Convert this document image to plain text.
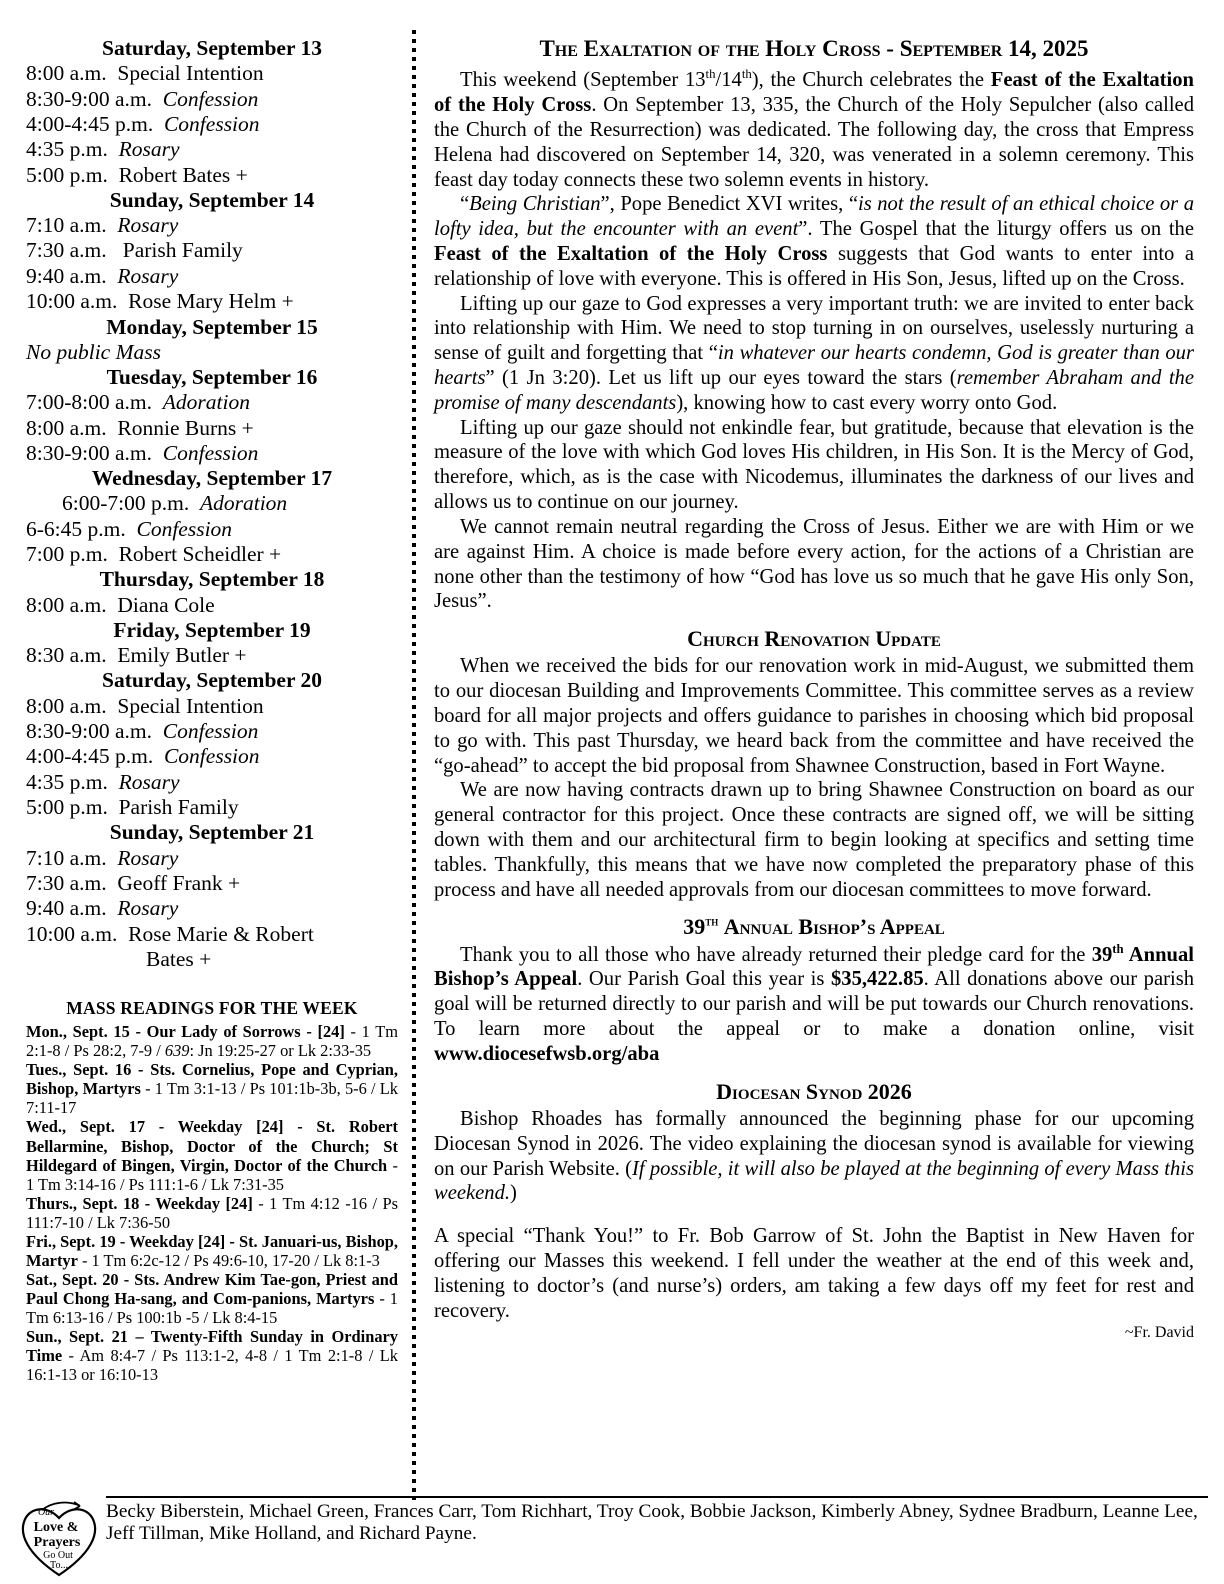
Saturday, September 13
8:00 a.m.  Special Intention
8:30-9:00 a.m.  Confession
4:00-4:45 p.m.  Confession
4:35 p.m.  Rosary
5:00 p.m.  Robert Bates +
Sunday, September 14
7:10 a.m.  Rosary
7:30 a.m.   Parish Family
9:40 a.m.  Rosary
10:00 a.m.  Rose Mary Helm +
Monday, September 15
No public Mass
Tuesday, September 16
7:00-8:00 a.m.  Adoration
8:00 a.m.  Ronnie Burns +
8:30-9:00 a.m.  Confession
Wednesday, September 17
6:00-7:00 p.m.  Adoration
6-6:45 p.m.  Confession
7:00 p.m.  Robert Scheidler +
Thursday, September 18
8:00 a.m.  Diana Cole
Friday, September 19
8:30 a.m.  Emily Butler +
Saturday, September 20
8:00 a.m.  Special Intention
8:30-9:00 a.m.  Confession
4:00-4:45 p.m.  Confession
4:35 p.m.  Rosary
5:00 p.m.  Parish Family
Sunday, September 21
7:10 a.m.  Rosary
7:30 a.m.  Geoff Frank +
9:40 a.m.  Rosary
10:00 a.m.  Rose Marie & Robert
Bates +
MASS READINGS FOR THE WEEK

Mon., Sept. 15 - Our Lady of Sorrows - [24] - 1 Tm 2:1-8 / Ps 28:2, 7-9 / 639: Jn 19:25-27 or Lk 2:33-35

Tues., Sept. 16 - Sts. Cornelius, Pope and Cyprian, Bishop, Martyrs - 1 Tm 3:1-13 / Ps 101:1b-3b, 5-6 / Lk 7:11-17

Wed., Sept. 17 - Weekday [24] - St. Robert Bellarmine, Bishop, Doctor of the Church; St Hildegard of Bingen, Virgin, Doctor of the Church - 1 Tm 3:14-16 / Ps 111:1-6 / Lk 7:31-35

Thurs., Sept. 18 - Weekday [24] - 1 Tm 4:12 -16 / Ps 111:7-10 / Lk 7:36-50

Fri., Sept. 19 - Weekday [24] - St. Januari-us, Bishop, Martyr - 1 Tm 6:2c-12 / Ps 49:6-10, 17-20 / Lk 8:1-3

Sat., Sept. 20 - Sts. Andrew Kim Tae-gon, Priest and Paul Chong Ha-sang, and Com-panions, Martyrs - 1 Tm 6:13-16 / Ps 100:1b -5 / Lk 8:4-15

Sun., Sept. 21 – Twenty-Fifth Sunday in Ordinary Time - Am 8:4-7 / Ps 113:1-2, 4-8 / 1 Tm 2:1-8 / Lk 16:1-13 or 16:10-13

The Exaltation of the Holy Cross - September 14, 2025

This weekend (September 13th/14th), the Church celebrates the Feast of the Exaltation of the Holy Cross. On September 13, 335, the Church of the Holy Sepulcher (also called the Church of the Resurrection) was dedicated. The following day, the cross that Empress Helena had discovered on September 14, 320, was venerated in a solemn ceremony. This feast day today connects these two solemn events in history.

“Being Christian”, Pope Benedict XVI writes, “is not the result of an ethical choice or a lofty idea, but the encounter with an event”. The Gospel that the liturgy offers us on the Feast of the Exaltation of the Holy Cross suggests that God wants to enter into a relationship of love with everyone. This is offered in His Son, Jesus, lifted up on the Cross.

Lifting up our gaze to God expresses a very important truth: we are invited to enter back into relationship with Him. We need to stop turning in on ourselves, uselessly nurturing a sense of guilt and forgetting that “in whatever our hearts condemn, God is greater than our hearts” (1 Jn 3:20). Let us lift up our eyes toward the stars (remember Abraham and the promise of many descendants), knowing how to cast every worry onto God.

Lifting up our gaze should not enkindle fear, but gratitude, because that elevation is the measure of the love with which God loves His children, in His Son. It is the Mercy of God, therefore, which, as is the case with Nicodemus, illuminates the darkness of our lives and allows us to continue on our journey.

We cannot remain neutral regarding the Cross of Jesus. Either we are with Him or we are against Him. A choice is made before every action, for the actions of a Christian are none other than the testimony of how “God has love us so much that he gave His only Son, Jesus”.

Church Renovation Update

When we received the bids for our renovation work in mid-August, we submitted them to our diocesan Building and Improvements Committee. This committee serves as a review board for all major projects and offers guidance to parishes in choosing which bid proposal to go with. This past Thursday, we heard back from the committee and have received the “go-ahead” to accept the bid proposal from Shawnee Construction, based in Fort Wayne.

We are now having contracts drawn up to bring Shawnee Construction on board as our general contractor for this project. Once these contracts are signed off, we will be sitting down with them and our architectural firm to begin looking at specifics and setting time tables. Thankfully, this means that we have now completed the preparatory phase of this process and have all needed approvals from our diocesan committees to move forward.

39th Annual Bishop’s Appeal

Thank you to all those who have already returned their pledge card for the 39th Annual Bishop’s Appeal. Our Parish Goal this year is $35,422.85. All donations above our parish goal will be returned directly to our parish and will be put towards our Church renovations. To learn more about the appeal or to make a donation online, visit www.diocesefwsb.org/aba

Diocesan Synod 2026

Bishop Rhoades has formally announced the beginning phase for our upcoming Diocesan Synod in 2026. The video explaining the diocesan synod is available for viewing on our Parish Website. (If possible, it will also be played at the beginning of every Mass this weekend.)

A special “Thank You!” to Fr. Bob Garrow of St. John the Baptist in New Haven for offering our Masses this weekend. I fell under the weather at the end of this week and, listening to doctor’s (and nurse’s) orders, am taking a few days off my feet for rest and recovery.

~Fr. David
Our
Love &
Prayers
Go Out
To...

Becky Biberstein, Michael Green, Frances Carr, Tom Richhart, Troy Cook, Bobbie Jackson, Kimberly Abney, Sydnee Bradburn, Leanne Lee, Jeff Tillman, Mike Holland, and Richard Payne.
